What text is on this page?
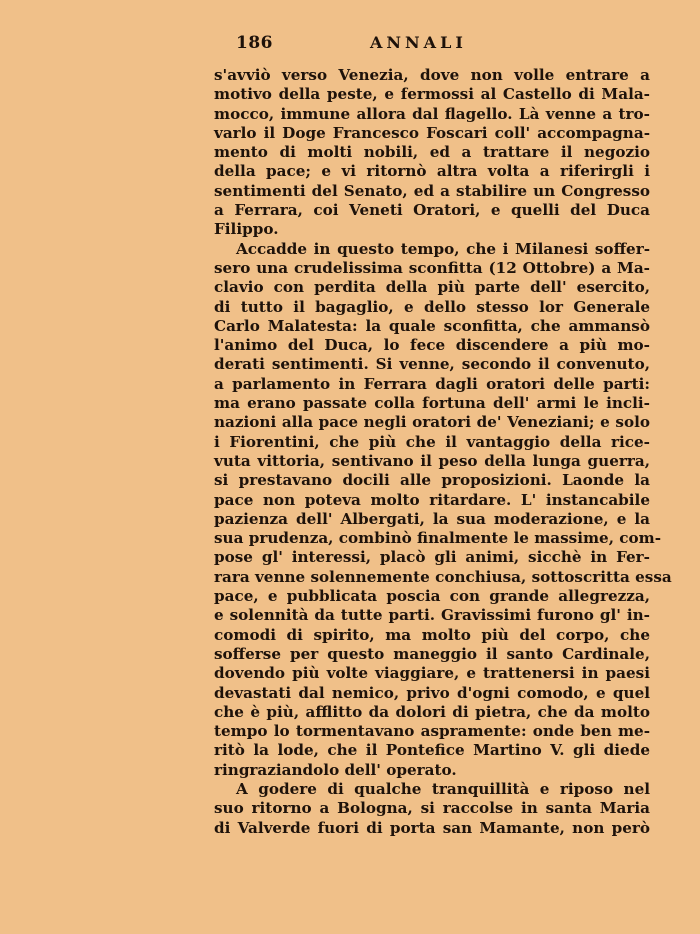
186	ANNALI
s'avviò verso Venezia, dove non volle entrare a
motivo della peste, e fermossi al Castello di Mala-
mocco, immune allora dal flagello. Là venne a tro-
varlo il Doge Francesco Foscari coll' accompagna-
mento di molti nobili, ed a trattare il negozio
della pace; e vi ritornò altra volta a riferirgli i
sentimenti del Senato, ed a stabilire un Congresso
a Ferrara, coi Veneti Oratori, e quelli del Duca
Filippo.
Accadde in questo tempo, che i Milanesi soffer-
sero una crudelissima sconfitta (12 Ottobre) a Ma-
clavio con perdita della più parte dell' esercito,
di tutto il bagaglio, e dello stesso lor Generale
Carlo Malatesta: la quale sconfitta, che ammansò
l'animo del Duca, lo fece discendere a più mo-
derati sentimenti. Si venne, secondo il convenuto,
a parlamento in Ferrara dagli oratori delle parti:
ma erano passate colla fortuna dell' armi le incli-
nazioni alla pace negli oratori de' Veneziani; e solo
i Fiorentini, che più che il vantaggio della rice-
vuta vittoria, sentivano il peso della lunga guerra,
si prestavano docili alle proposizioni. Laonde la
pace non poteva molto ritardare. L' instancabile
pazienza dell' Albergati, la sua moderazione, e la
sua prudenza, combinò finalmente le massime, com-
pose gl' interessi, placò gli animi, sicchè in Fer-
rara venne solennemente conchiusa, sottoscritta essa
pace, e pubblicata poscia con grande allegrezza,
e solennità da tutte parti. Gravissimi furono gl' in-
comodi di spirito, ma molto più del corpo, che
sofferse per questo maneggio il santo Cardinale,
dovendo più volte viaggiare, e trattenersi in paesi
devastati dal nemico, privo d'ogni comodo, e quel
che è più, afflitto da dolori di pietra, che da molto
tempo lo tormentavano aspramente: onde ben me-
ritò la lode, che il Pontefice Martino V. gli diede
ringraziandolo dell' operato.
A godere di qualche tranquillità e riposo nel
suo ritorno a Bologna, si raccolse in santa Maria
di Valverde fuori di porta san Mamante, non però
